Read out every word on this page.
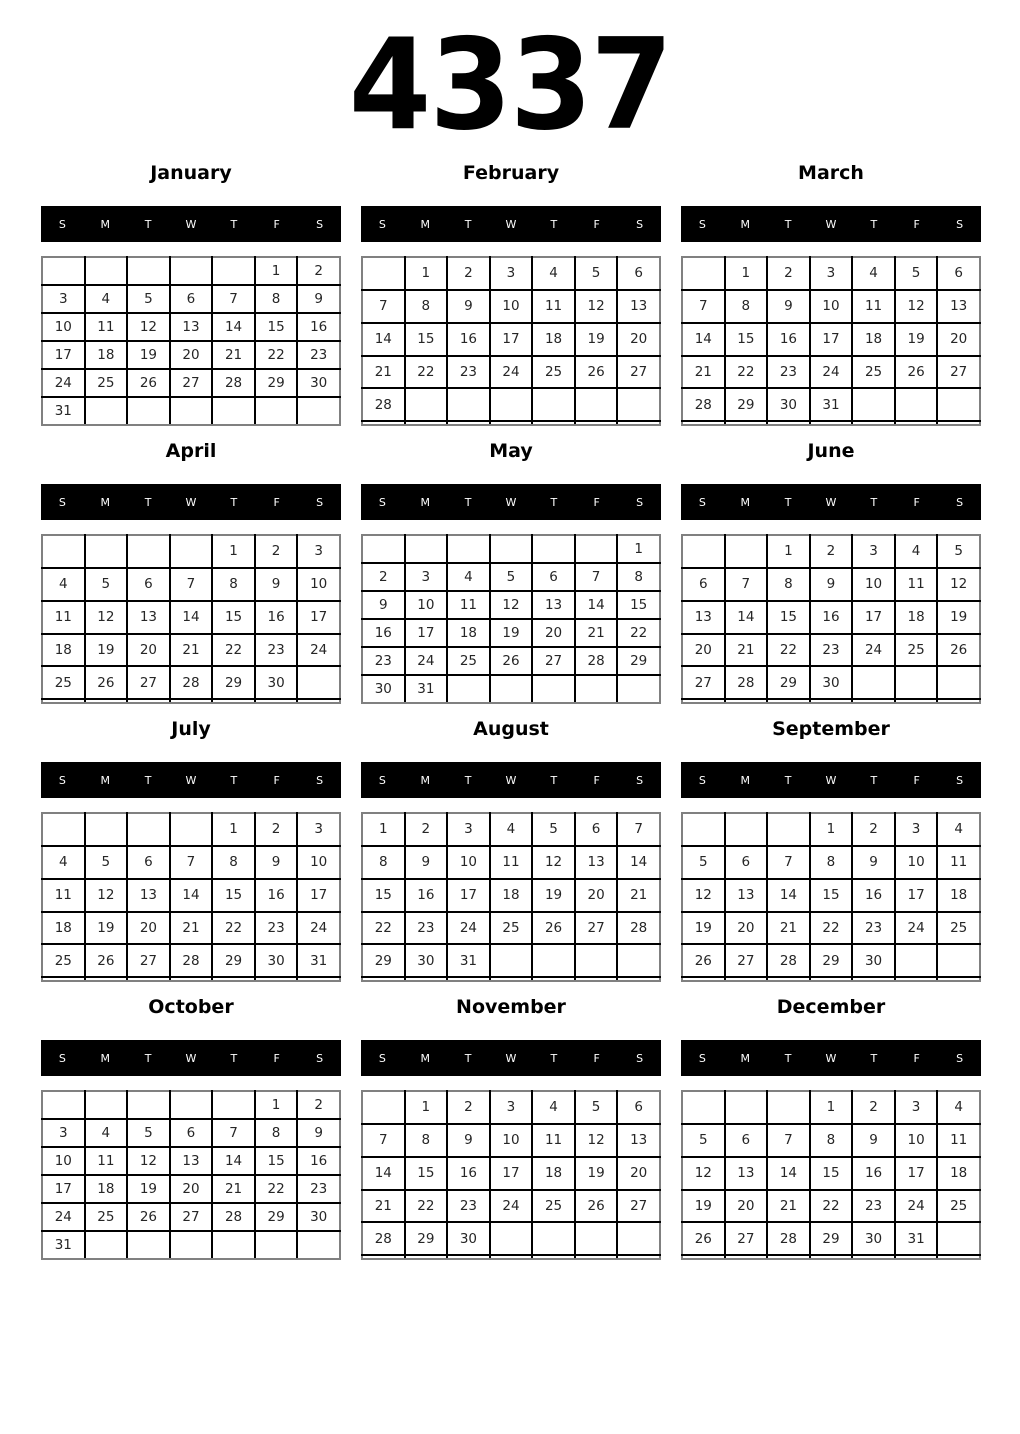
4337
January
S	M	T	W	T	F	S
					1	2
3	4	5	6	7	8	9
10	11	12	13	14	15	16
17	18	19	20	21	22	23
24	25	26	27	28	29	30
31						
February
S	M	T	W	T	F	S
	1	2	3	4	5	6
7	8	9	10	11	12	13
14	15	16	17	18	19	20
21	22	23	24	25	26	27
28						

March
S	M	T	W	T	F	S
	1	2	3	4	5	6
7	8	9	10	11	12	13
14	15	16	17	18	19	20
21	22	23	24	25	26	27
28	29	30	31			

April
S	M	T	W	T	F	S
				1	2	3
4	5	6	7	8	9	10
11	12	13	14	15	16	17
18	19	20	21	22	23	24
25	26	27	28	29	30	

May
S	M	T	W	T	F	S
						1
2	3	4	5	6	7	8
9	10	11	12	13	14	15
16	17	18	19	20	21	22
23	24	25	26	27	28	29
30	31					
June
S	M	T	W	T	F	S
		1	2	3	4	5
6	7	8	9	10	11	12
13	14	15	16	17	18	19
20	21	22	23	24	25	26
27	28	29	30			

July
S	M	T	W	T	F	S
				1	2	3
4	5	6	7	8	9	10
11	12	13	14	15	16	17
18	19	20	21	22	23	24
25	26	27	28	29	30	31

August
S	M	T	W	T	F	S
1	2	3	4	5	6	7
8	9	10	11	12	13	14
15	16	17	18	19	20	21
22	23	24	25	26	27	28
29	30	31				

September
S	M	T	W	T	F	S
			1	2	3	4
5	6	7	8	9	10	11
12	13	14	15	16	17	18
19	20	21	22	23	24	25
26	27	28	29	30		

October
S	M	T	W	T	F	S
					1	2
3	4	5	6	7	8	9
10	11	12	13	14	15	16
17	18	19	20	21	22	23
24	25	26	27	28	29	30
31						
November
S	M	T	W	T	F	S
	1	2	3	4	5	6
7	8	9	10	11	12	13
14	15	16	17	18	19	20
21	22	23	24	25	26	27
28	29	30				

December
S	M	T	W	T	F	S
			1	2	3	4
5	6	7	8	9	10	11
12	13	14	15	16	17	18
19	20	21	22	23	24	25
26	27	28	29	30	31	
